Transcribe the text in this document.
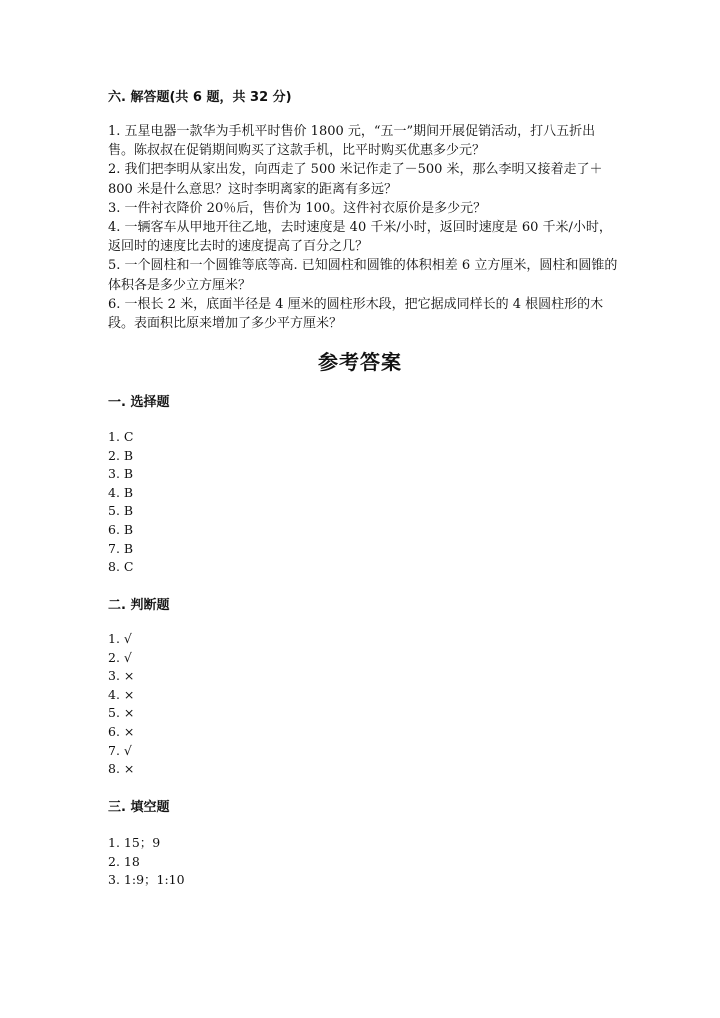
六. 解答题(共 6 题，共 32 分)

1. 五星电器一款华为手机平时售价 1800 元，“五一”期间开展促销活动，打八五折出售。陈叔叔在促销期间购买了这款手机，比平时购买优惠多少元？

2. 我们把李明从家出发，向西走了 500 米记作走了－500 米，那么李明又接着走了＋800 米是什么意思？这时李明离家的距离有多远？

3. 一件衬衣降价 20％后，售价为 100。这件衬衣原价是多少元？

4. 一辆客车从甲地开往乙地，去时速度是 40 千米/小时，返回时速度是 60 千米/小时，返回时的速度比去时的速度提高了百分之几？

5. 一个圆柱和一个圆锥等底等高. 已知圆柱和圆锥的体积相差 6 立方厘米，圆柱和圆锥的体积各是多少立方厘米？

6. 一根长 2 米，底面半径是 4 厘米的圆柱形木段，把它据成同样长的 4 根圆柱形的木段。表面积比原来增加了多少平方厘米？

参考答案
一. 选择题
1. C
2. B
3. B
4. B
5. B
6. B
7. B
8. C
二. 判断题
1. √
2. √
3. ×
4. ×
5. ×
6. ×
7. √
8. ×
三. 填空题
1. 15；9
2. 18
3. 1:9；1:10
